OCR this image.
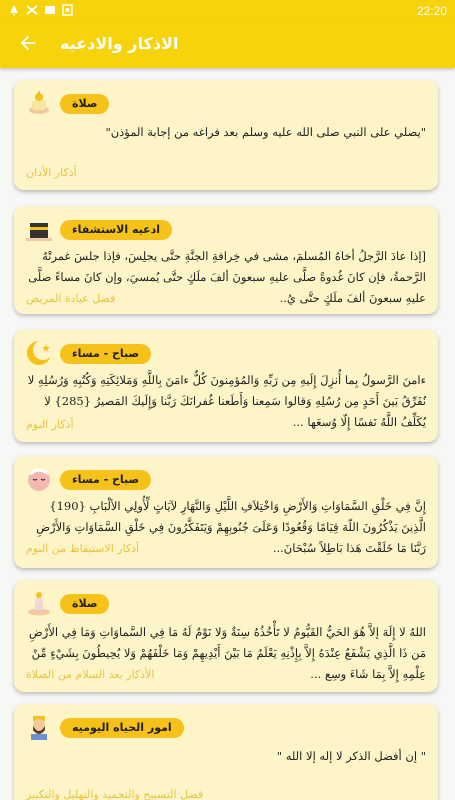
22:20
الاذكار والادعيه
صلاة
"يصلي على النبي صلى الله عليه وسلم بعد فراغه من إجابة المؤذن"
أذكار الأذان
ادعيه الاستشفاء
[إذا عادَ الرَّجلُ أخاهُ المُسلمَ، مشى في خِرافةِ الجنَّةِ حتَّى يجلِسَ، فإذا جلسَ غمرتْهُ الرَّحمةُ، فإن كانَ غُدوةً صلَّى عليهِ سبعونَ ألفَ ملَكٍ حتَّى يُمسيَ، وإن كانَ مساءً صلَّى عليهِ سبعونَ ألفَ ملَكٍ حتَّى يُ..
فضل عيادة المريض
صباح - مساء
ءامنَ الرَّسولُ بِما أُنزِلَ إِلَيهِ مِن رَبِّهِ وَالمُؤمِنونَ كُلٌّ ءامَنَ بِاللَّهِ وَمَلائِكَتِهِ وَكُتُبِهِ وَرُسُلِهِ لا نُفَرِّقُ بَينَ أَحَدٍ مِن رُسُلِهِ وَقالوا سَمِعنا وَأَطَعنا غُفرانَكَ رَبَّنا وَإِلَيكَ المَصيرُ {285} لا يُكَلِّفُ اللَّهُ نَفسًا إِلّا وُسعَها ...
أذكار النوم
صباح - مساء
إِنَّ فِي خَلْقِ السَّمَاوَاتِ وَالأَرْضِ وَاخْتِلاَفِ اللَّيْلِ وَالنَّهَارِ لآيَاتٍ لِّأُولِي الألْبَابِ {190} الَّذِينَ يَذْكُرُونَ اللّهَ قِيَامًا وَقُعُودًا وَعَلَىَ جُنُوبِهِمْ وَيَتَفَكَّرُونَ فِي خَلْقِ السَّمَاوَاتِ وَالأَرْضِ رَبَّنَا مَا خَلَقْتَ هَذا بَاطِلاً سُبْحَانَ...
أذكار الاستيقاظ من النوم
صلاة
اللهُ لا إِلَهَ إلاَّ هُوَ الحَيُّ القَيُّومُ لا تَأْخُذُهُ سِنَةٌ وَلا نَوْمٌ لَهُ مَا فِي السَّماوَاتِ وَمَا فِي الأَرْضِ مَن ذَا الَّذِي يَشْفَعُ عِنْدَهُ إِلاَّ بِإِذْنِهِ يَعْلَمُ مَا بَيْنَ أَيْدِيهِمْ وَمَا خَلْفَهُمْ وَلا يُحِيطُونَ بِشَيْءٍ مِّنْ عِلْمِهِ إِلاَّ بِمَا شَاءَ وسِع ...
الأذكار بعد السلام من الصلاة
امور الحياه اليوميه
" إن أفضل الذكر لا إله إلا الله "
فضل التسبيح والتحميد والتهليل والتكبير
